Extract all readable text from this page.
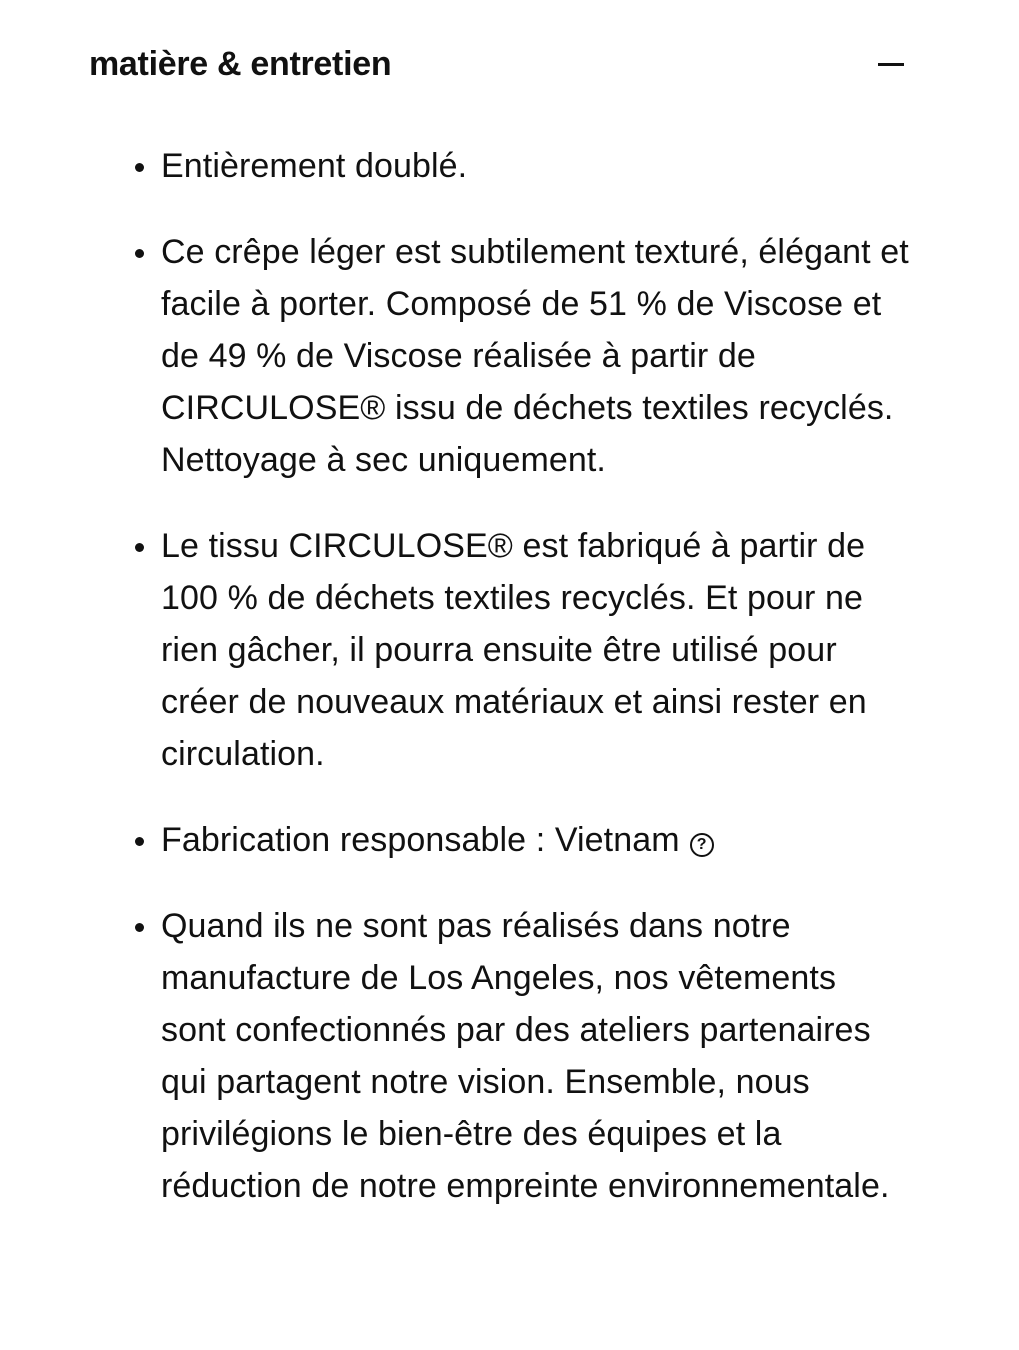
matière & entretien
Entièrement doublé.
Ce crêpe léger est subtilement texturé, élégant et facile à porter. Composé de 51 % de Viscose et de 49 % de Viscose réalisée à partir de CIRCULOSE® issu de déchets textiles recyclés. Nettoyage à sec uniquement.
Le tissu CIRCULOSE® est fabriqué à partir de 100 % de déchets textiles recyclés. Et pour ne rien gâcher, il pourra ensuite être utilisé pour créer de nouveaux matériaux et ainsi rester en circulation.
Fabrication responsable : Vietnam ?
Quand ils ne sont pas réalisés dans notre manufacture de Los Angeles, nos vêtements sont confectionnés par des ateliers partenaires qui partagent notre vision. Ensemble, nous privilégions le bien-être des équipes et la réduction de notre empreinte environnementale.
